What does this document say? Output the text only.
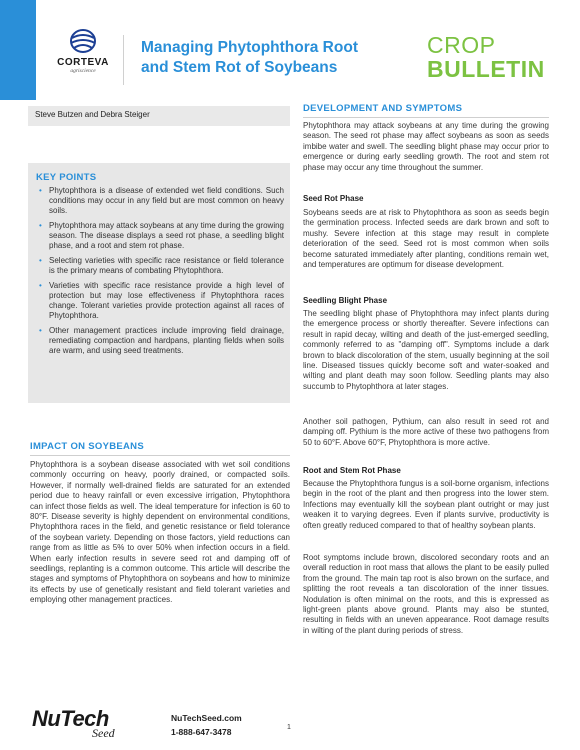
CORTEVA
agriscience
Managing Phytophthora Root
and Stem Rot of Soybeans
CROP
BULLETIN
Steve Butzen and Debra Steiger
KEY POINTS
• Phytophthora is a disease of extended wet field conditions. Such conditions may occur in any field but are most common on heavy soils.
• Phytophthora may attack soybeans at any time during the growing season. The disease displays a seed rot phase, a seedling blight phase, and a root and stem rot phase.
• Selecting varieties with specific race resistance or field tolerance is the primary means of combating Phytophthora.
• Varieties with specific race resistance provide a high level of protection but may lose effectiveness if Phytophthora races change. Tolerant varieties provide protection against all races of Phytophthora.
• Other management practices include improving field drainage, remediating compaction and hardpans, planting fields when soils are warm, and using seed treatments.
IMPACT ON SOYBEANS
Phytophthora is a soybean disease associated with wet soil conditions commonly occurring on heavy, poorly drained, or compacted soils. However, if normally well-drained fields are saturated for an extended period due to heavy rainfall or even excessive irrigation, Phytophthora can infect those fields as well. The ideal temperature for infection is 60 to 80°F. Disease severity is highly dependent on environmental conditions, Phytophthora races in the field, and genetic resistance or field tolerance of the soybean variety. Depending on those factors, yield reductions can range from as little as 5% to over 50% when infection occurs in a field. When early infection results in severe seed rot and damping off of seedlings, replanting is a common outcome. This article will describe the stages and symptoms of Phytophthora on soybeans and how to minimize its effects by use of genetically resistant and field tolerant varieties and employing other management practices.
DEVELOPMENT AND SYMPTOMS
Phytophthora may attack soybeans at any time during the growing season. The seed rot phase may affect soybeans as soon as seeds imbibe water and swell. The seedling blight phase may occur prior to emergence or during early seedling growth. The root and stem rot phase may occur any time throughout the summer.
Seed Rot Phase
Soybeans seeds are at risk to Phytophthora as soon as seeds begin the germination process. Infected seeds are dark brown and soft to mushy. Severe infection at this stage may result in complete deterioration of the seed. Seed rot is most common when soils become saturated immediately after planting, conditions remain wet, and temperatures are optimum for disease development.
Seedling Blight Phase
The seedling blight phase of Phytophthora may infect plants during the emergence process or shortly thereafter. Severe infections can result in rapid decay, wilting and death of the just-emerged seedling, commonly referred to as "damping off". Symptoms include a dark brown to black discoloration of the stem, usually beginning at the soil line. Diseased tissues quickly become soft and water-soaked and wilting and plant death may soon follow. Seedling plants may also succumb to Phytophthora at later stages.
Another soil pathogen, Pythium, can also result in seed rot and damping off. Pythium is the more active of these two pathogens from 50 to 60°F. Above 60°F, Phytophthora is more active.
Root and Stem Rot Phase
Because the Phytophthora fungus is a soil-borne organism, infections begin in the root of the plant and then progress into the lower stem. Infections may eventually kill the soybean plant outright or may just weaken it to varying degrees. Even if plants survive, productivity is often greatly reduced compared to that of healthy soybean plants.
Root symptoms include brown, discolored secondary roots and an overall reduction in root mass that allows the plant to be easily pulled from the ground. The main tap root is also brown on the surface, and splitting the root reveals a tan discoloration of the inner tissues. Nodulation is often minimal on the roots, and this is expressed as light-green plants above ground. Plants may also be stunted, resulting in fields with an uneven appearance. Root damage results in wilting of the plant during periods of stress.
NuTech
Seed
NuTechSeed.com
1-888-647-3478	1
